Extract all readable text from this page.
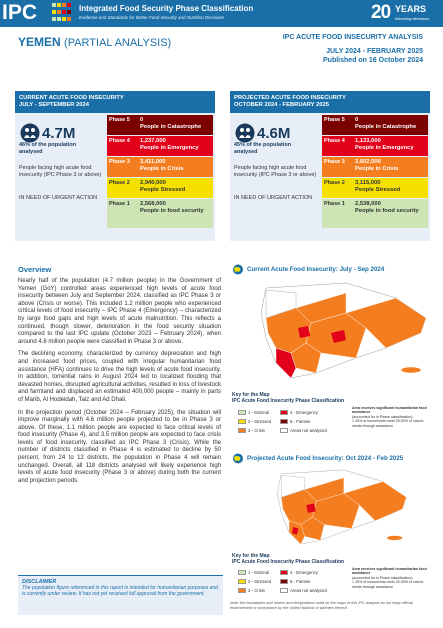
IPC	Integrated Food Security Phase Classification
Evidence and Standards for Better Food Security and Nutrition Decisions	20 YEARS
informing decisions
YEMEN (PARTIAL ANALYSIS)	IPC ACUTE FOOD INSECURITY ANALYSIS
JULY 2024 - FEBRUARY 2025
Published on 16 October 2024
CURRENT ACUTE FOOD INSECURITY
JULY - SEPTEMBER 2024
4.7M
46% of the population analysed
People facing high acute food insecurity (IPC Phase 3 or above)
IN NEED OF URGENT ACTION
Phase 5	0
People in Catastrophe
Phase 4	1,237,000
People in Emergency
Phase 3	3,411,000
People in Crisis
Phase 2	2,940,000
People Stressed
Phase 1	2,568,000
People in food security
PROJECTED ACUTE FOOD INSECURITY
OCTOBER 2024 - FEBRUARY 2025
4.6M
45% of the population analysed
People facing high acute food insecurity (IPC Phase 3 or above)
IN NEED OF URGENT ACTION
Phase 5	0
People in Catastrophe
Phase 4	1,133,000
People in Emergency
Phase 3	3,502,000
People in Crisis
Phase 2	3,115,000
People Stressed
Phase 1	2,538,000
People in food security
Overview

Nearly half of the population (4.7 million people) in the Government of Yemen (GoY) controlled areas experienced high levels of acute food insecurity between July and September 2024, classified as IPC Phase 3 or above (Crisis or worse). This included 1.2 million people who experienced critical levels of food insecurity – IPC Phase 4 (Emergency) – characterized by large food gaps and high levels of acute malnutrition. This reflects a continued, though slower, deterioration in the food security situation compared to the last IPC update (October 2023 – February 2024), when around 4.6 million people were classified in Phase 3 or above.

The declining economy, characterized by currency depreciation and high and increased food prices, coupled with irregular humanitarian food assistance (HFA) continues to drive the high levels of acute food insecurity. In addition, torrential rains in August 2024 led to localized flooding that devasted homes, disrupted agricultural activities, resulted in loss of livestock and farmland and displaced an estimated 400,000 people – mainly in parts of Marib, Al Hodeidah, Taiz and Ad Dhali.

In the projection period (October 2024 – February 2025), the situation will improve marginally with 4.6 million people projected to be in Phase 3 or above. Of these, 1.1 million people are expected to face critical levels of food insecurity (Phase 4), and 3.5 million people are expected to face crisis levels of food insecurity, classified as IPC Phase 3 (Crisis). While the number of districts classified in Phase 4 is estimated to decline by 50 percent, from 24 to 12 districts, the population in Phase 4 will remain unchanged. Overall, all 118 districts analysed will likely experience high levels of acute food insecurity (Phase 3 or above) during both the current and projection periods.

DISCLAIMER
The population figure referenced in this report is intended for humanitarian purposes and is currently under review. It has not yet received full approval from the government.
Current Acute Food Insecurity: July - Sep 2024
Key for the Map
IPC Acute Food Insecurity Phase Classification
1 - Minimal
2 - Stressed
3 - Crisis
4 - Emergency
5 - Famine
Areas not analyzed
Area receives significant humanitarian food assistance
(accounted for in Phase classification)
> 25% of households meet 25-50% of caloric needs through assistance
Projected Acute Food Insecurity: Oct 2024 - Feb 2025
Key for the Map
IPC Acute Food Insecurity Phase Classification
1 - Minimal
2 - Stressed
3 - Crisis
4 - Emergency
5 - Famine
Areas not analyzed
Area receives significant humanitarian food assistance
(accounted for in Phase classification)
> 25% of households meet 25-50% of caloric needs through assistance
Note: the boundaries and names and designations used on the maps of this IPC analysis do not imply official endorsement or acceptance by the United Nations or partners thereof.
